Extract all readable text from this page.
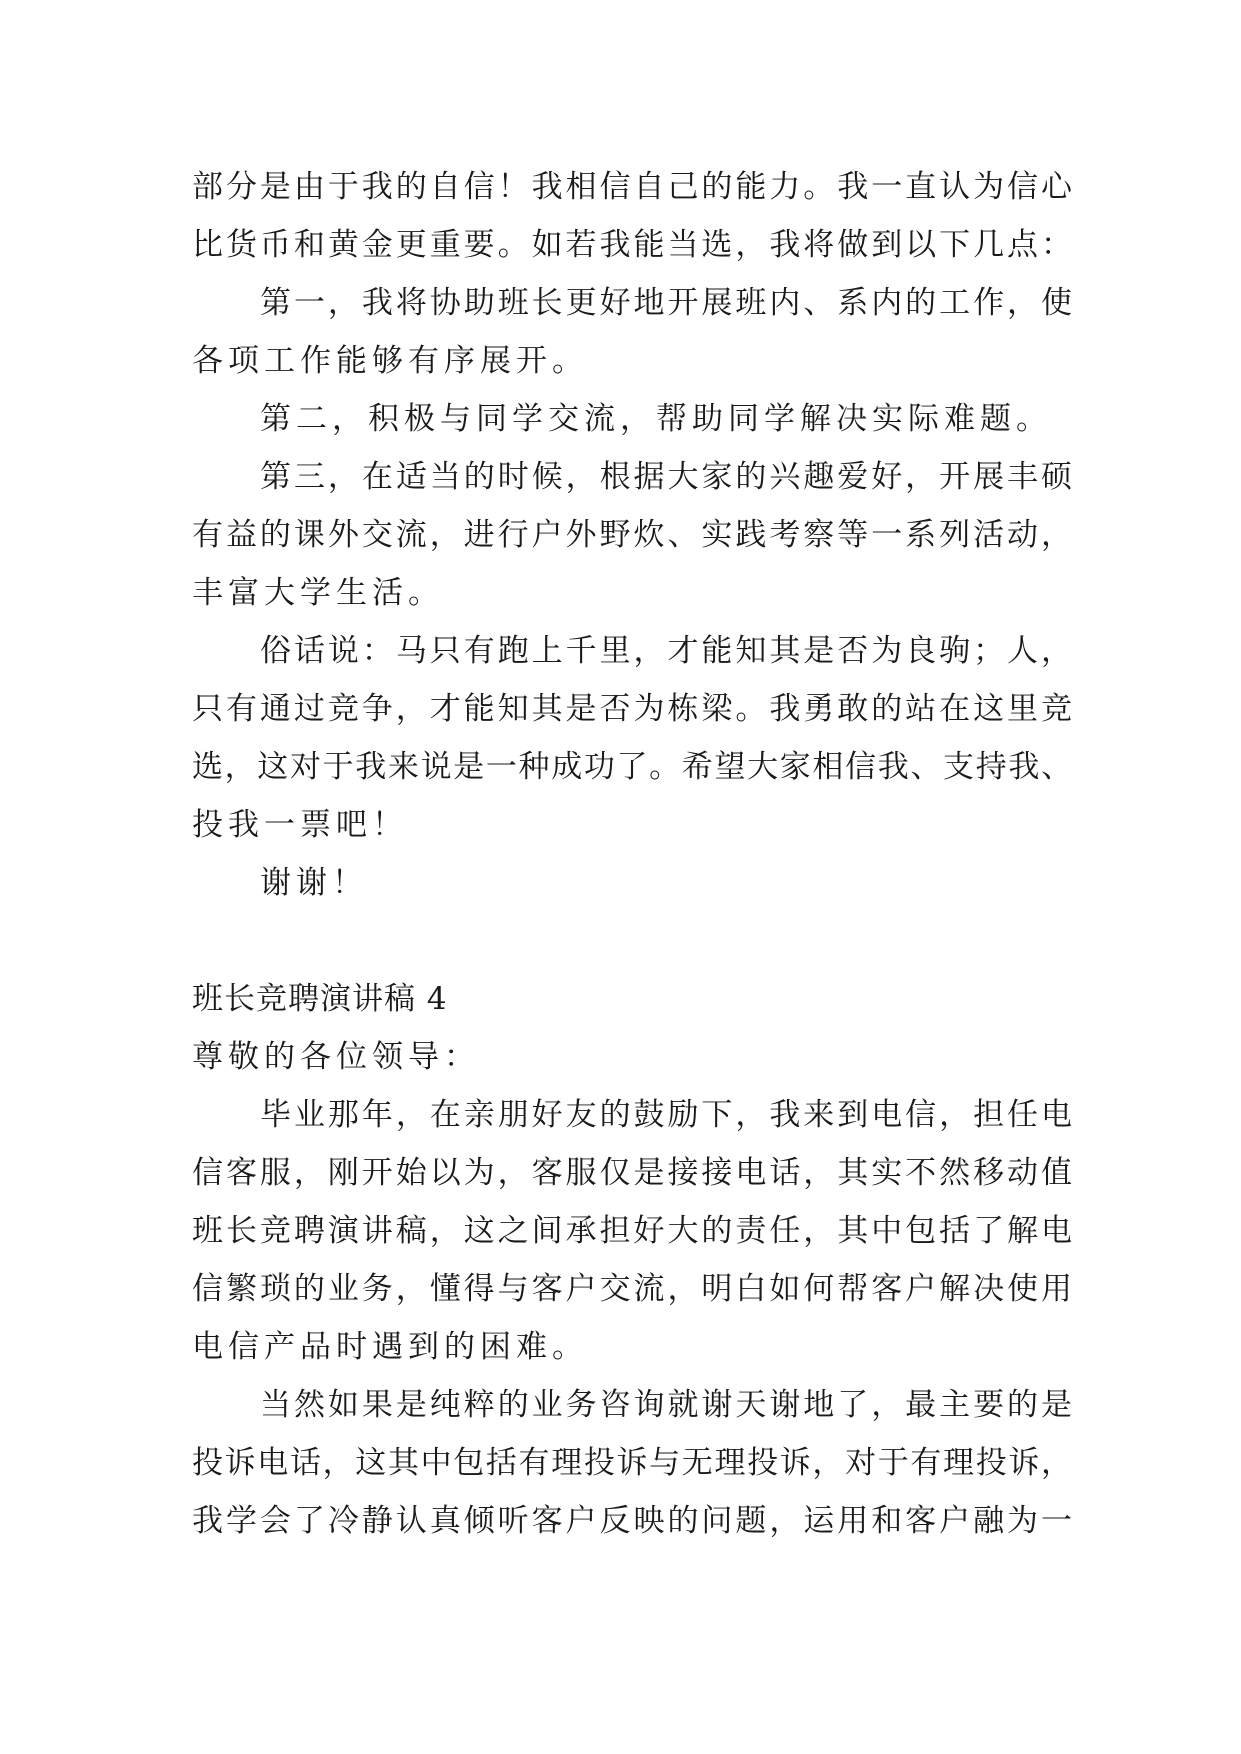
部分是由于我的自信！我相信自己的能力。我一直认为信心
比货币和黄金更重要。如若我能当选，我将做到以下几点：
第一，我将协助班长更好地开展班内、系内的工作，使
各项工作能够有序展开。
第二，积极与同学交流，帮助同学解决实际难题。
第三，在适当的时候，根据大家的兴趣爱好，开展丰硕
有益的课外交流，进行户外野炊、实践考察等一系列活动，
丰富大学生活。
俗话说：马只有跑上千里，才能知其是否为良驹；人，
只有通过竞争，才能知其是否为栋梁。我勇敢的站在这里竞
选，这对于我来说是一种成功了。希望大家相信我、支持我、
投我一票吧！
谢谢！
班长竞聘演讲稿 4
尊敬的各位领导：
毕业那年，在亲朋好友的鼓励下，我来到电信，担任电
信客服，刚开始以为，客服仅是接接电话，其实不然移动值
班长竞聘演讲稿，这之间承担好大的责任，其中包括了解电
信繁琐的业务，懂得与客户交流，明白如何帮客户解决使用
电信产品时遇到的困难。
当然如果是纯粹的业务咨询就谢天谢地了，最主要的是
投诉电话，这其中包括有理投诉与无理投诉，对于有理投诉，
我学会了冷静认真倾听客户反映的问题，运用和客户融为一
